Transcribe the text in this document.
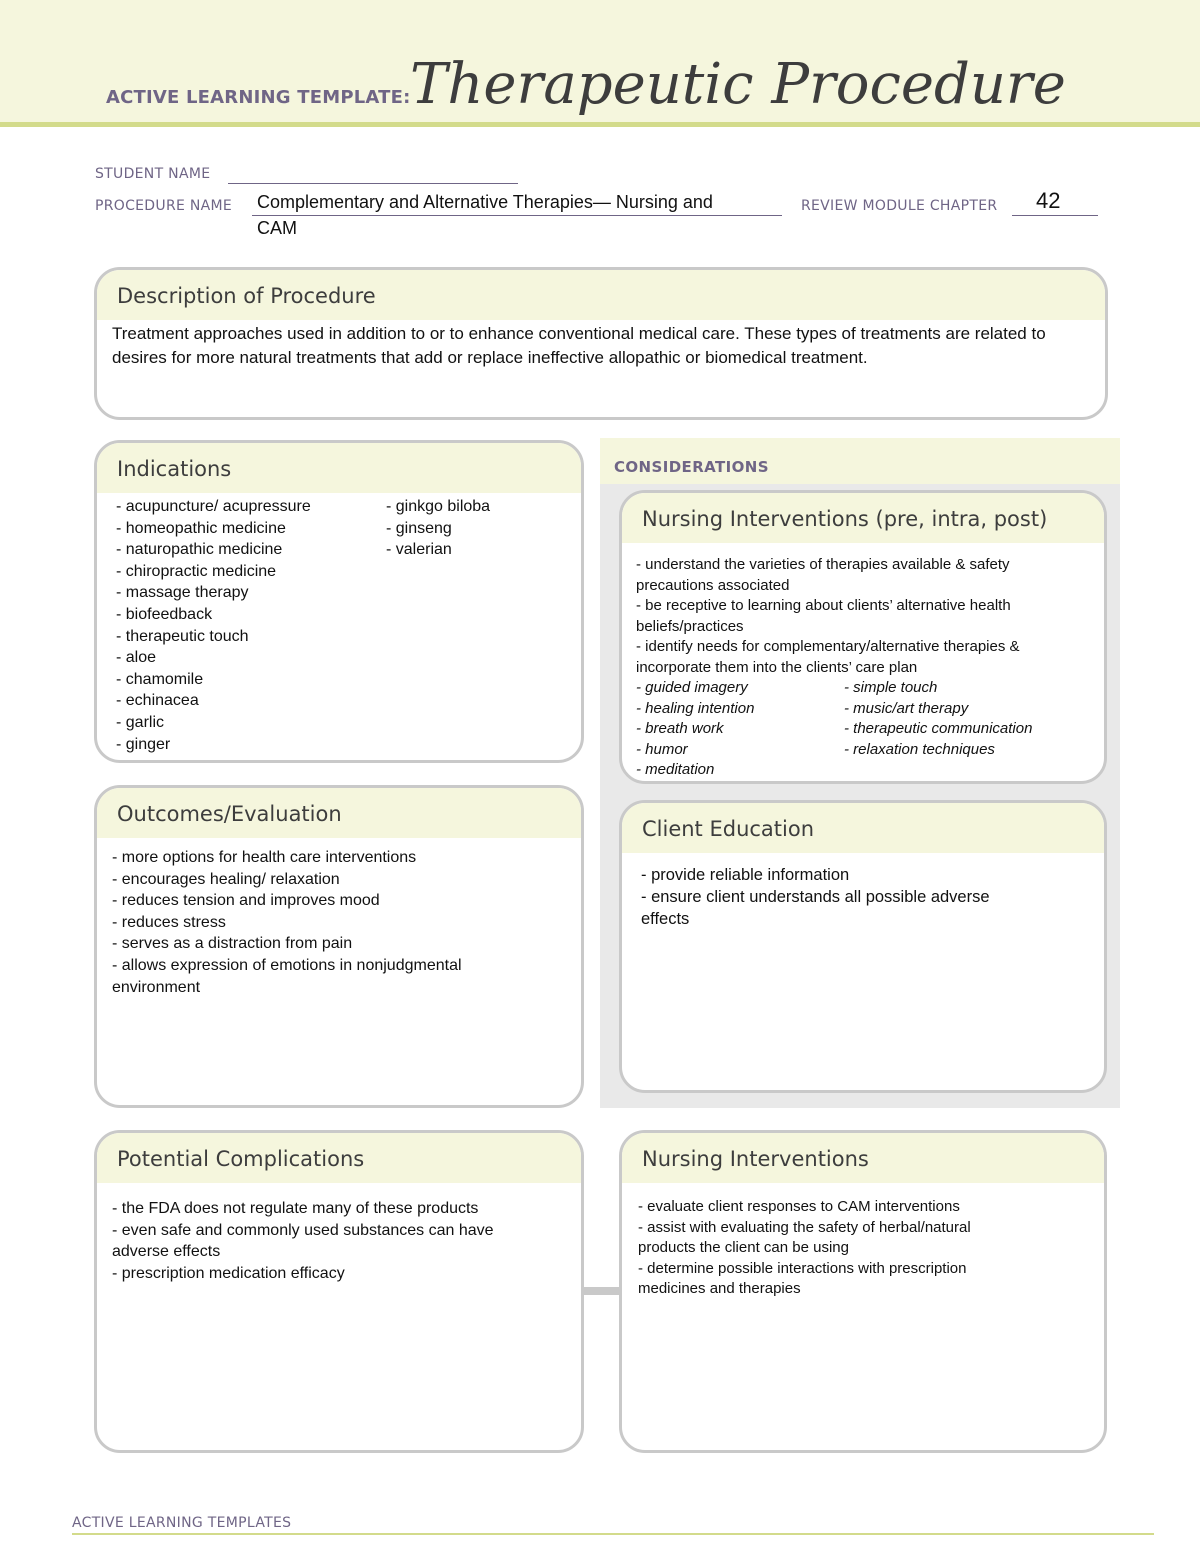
ACTIVE LEARNING TEMPLATE: Therapeutic Procedure
STUDENT NAME
PROCEDURE NAME Complementary and Alternative Therapies— Nursing and
CAM
REVIEW MODULE CHAPTER 42
Description of Procedure
Treatment approaches used in addition to or to enhance conventional medical care. These types of treatments are related to desires for more natural treatments that add or replace ineffective allopathic or biomedical treatment.
Indications
- acupuncture/ acupressure
- homeopathic medicine
- naturopathic medicine
- chiropractic medicine
- massage therapy
- biofeedback
- therapeutic touch
- aloe
- chamomile
- echinacea
- garlic
- ginger
- ginkgo biloba
- ginseng
- valerian
Outcomes/Evaluation
- more options for health care interventions
- encourages healing/ relaxation
- reduces tension and improves mood
- reduces stress
- serves as a distraction from pain
- allows expression of emotions in nonjudgmental
environment
CONSIDERATIONS
Nursing Interventions (pre, intra, post)
- understand the varieties of therapies available & safety
precautions associated
- be receptive to learning about clients’ alternative health
beliefs/practices
- identify needs for complementary/alternative therapies &
incorporate them into the clients’ care plan
- guided imagery
- healing intention
- breath work
- humor
- meditation
- simple touch
- music/art therapy
- therapeutic communication
- relaxation techniques
Client Education
- provide reliable information
- ensure client understands all possible adverse
effects
Potential Complications
- the FDA does not regulate many of these products
- even safe and commonly used substances can have
adverse effects
- prescription medication efficacy
Nursing Interventions
- evaluate client responses to CAM interventions
- assist with evaluating the safety of herbal/natural
products the client can be using
- determine possible interactions with prescription
medicines and therapies
ACTIVE LEARNING TEMPLATES
